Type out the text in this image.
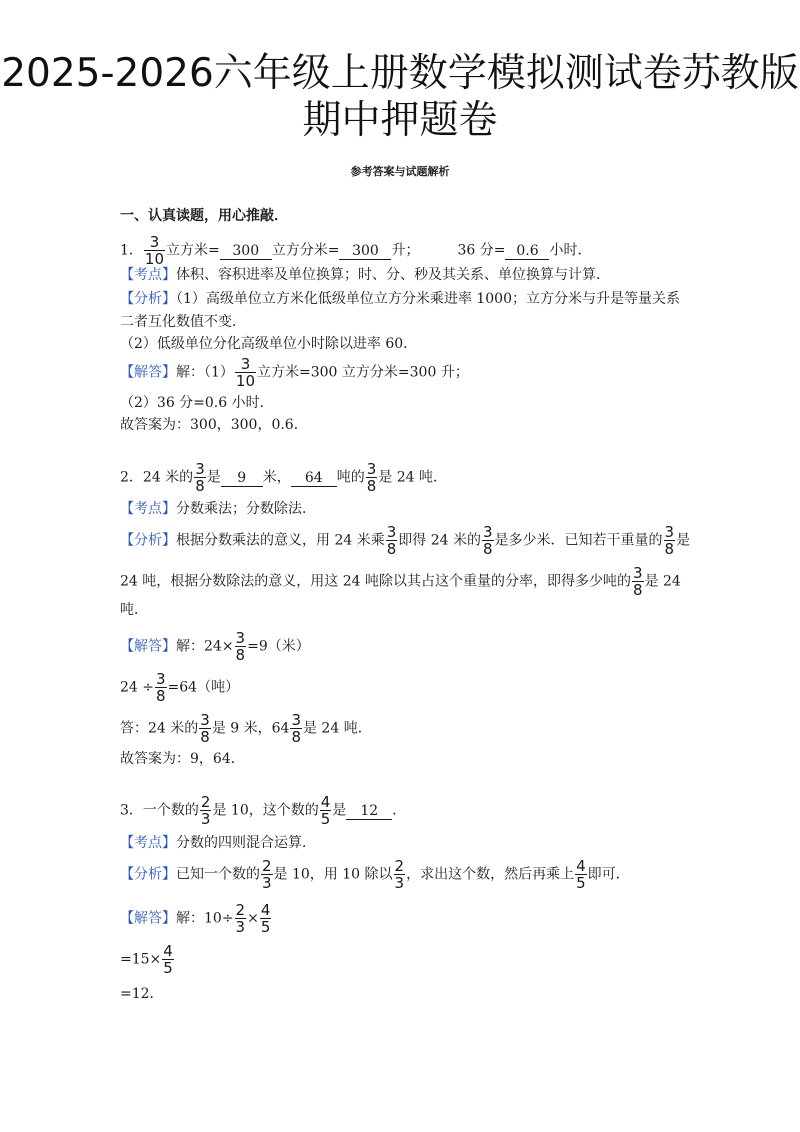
2025-2026六年级上册数学模拟测试卷苏教版
期中押题卷
参考答案与试题解析
一、认真读题，用心推敲．
1． $\frac{3}{10}$ 立方米= 300 立方分米= 300 升；	36 分= 0.6 小时．
【考点】体积、容积进率及单位换算；时、分、秒及其关系、单位换算与计算．
【分析】（1）高级单位立方米化低级单位立方分米乘进率 1000；立方分米与升是等量关系
二者互化数值不变．
（2）低级单位分化高级单位小时除以进率 60．
【解答】解：$(1) \frac{3}{10}$ 立方米=300 立方分米=300 升；
（2）36 分=0.6 小时．
故答案为：300，300，0.6．
2．24 米的 $\frac{3}{8}$ 是 9 米， 64 吨的 $\frac{3}{8}$ 是 24 吨．
【考点】分数乘法；分数除法．
【分析】根据分数乘法的意义，用 24 米乘 $\frac{3}{8}$ 即得 24 米的 $\frac{3}{8}$ 是多少米．已知若干重量的 $\frac{3}{8}$ 是
24 吨，根据分数除法的意义，用这 24 吨除以其占这个重量的分率，即得多少吨的 $\frac{3}{8}$ 是 24
吨．
【解答】解：$24\times \frac{3}{8} =9$（米）
$24 \div \frac{3}{8} =64$（吨）
答：24 米的 $\frac{3}{8}$ 是 9 米，$64 \frac{3}{8}$ 是 24 吨．
故答案为：9，64．
3．一个数的 $\frac{2}{3}$ 是 10，这个数的 $\frac{4}{5}$ 是 12 ．
【考点】分数的四则混合运算．
【分析】已知一个数的 $\frac{2}{3}$ 是 10，用 10 除以 $\frac{2}{3}$ ，求出这个数，然后再乘上 $\frac{4}{5}$ 即可．
【解答】解：$10\div \frac{2}{3} \times \frac{4}{5}$
$=15\times \frac{4}{5}$
=12．
